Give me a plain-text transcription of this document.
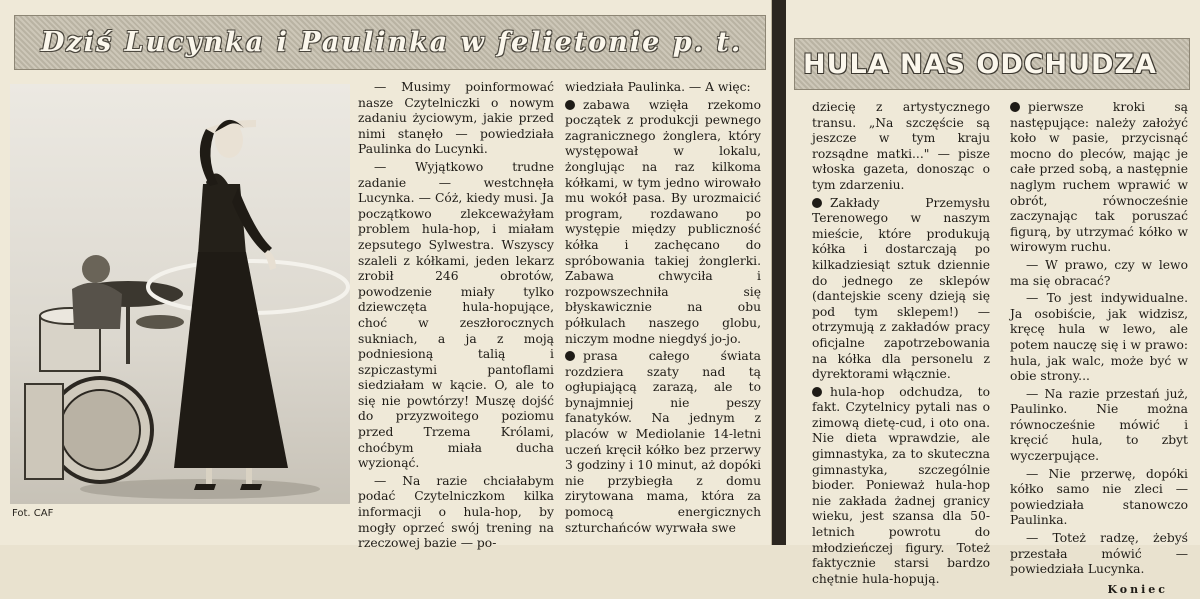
Dziś Lucynka i Paulinka w felietonie p. t.
Fot. CAF

— Musimy poinformować nasze Czytelniczki o nowym zadaniu życiowym, jakie przed nimi stanęło — powiedziała Paulinka do Lucynki.

— Wyjątkowo trudne zadanie — westchnęła Lucynka. — Cóż, kiedy musi. Ja początkowo zlekceważyłam problem hula-hop, i miałam zepsutego Sylwestra. Wszyscy szaleli z kółkami, jeden lekarz zrobił 246 obrotów, powodzenie miały tylko dziewczęta hula-hopujące, choć w zeszłorocznych sukniach, a ja z moją podniesioną talią i szpiczastymi pantoflami siedziałam w kącie. O, ale to się nie powtórzy! Muszę dojść do przyzwoitego poziomu przed Trzema Królami, choćbym miała ducha wyzionąć.

— Na razie chciałabym podać Czytelniczkom kilka informacji o hula-hop, by mogły oprzeć swój trening na rzeczowej bazie — po-

wiedziała Paulinka. — A więc:

zabawa wzięła rzekomo początek z produkcji pewnego zagranicznego żonglera, który występował w lokalu, żonglując na raz kilkoma kółkami, w tym jedno wirowało mu wokół pasa. By urozmaicić program, rozdawano po występie między publiczność kółka i zachęcano do spróbowania takiej żonglerki. Zabawa chwyciła i rozpowszechniła się błyskawicznie na obu półkulach naszego globu, niczym modne niegdyś jo-jo.

prasa całego świata rozdziera szaty nad tą ogłupiającą zarazą, ale to bynajmniej nie peszy fanatyków. Na jednym z placów w Mediolanie 14-letni uczeń kręcił kółko bez przerwy 3 godziny i 10 minut, aż dopóki nie przybiegła z domu zirytowana mama, która za pomocą energicznych szturchańców wyrwała swe

HULA NAS ODCHUDZA

dziecię z artystycznego transu. „Na szczęście są jeszcze w tym kraju rozsądne matki..." — pisze włoska gazeta, donosząc o tym zdarzeniu.

Zakłady Przemysłu Terenowego w naszym mieście, które produkują kółka i dostarczają po kilkadziesiąt sztuk dziennie do jednego ze sklepów (dantejskie sceny dzieją się pod tym sklepem!) — otrzymują z zakładów pracy oficjalne zapotrzebowania na kółka dla personelu z dyrektorami włącznie.

hula-hop odchudza, to fakt. Czytelnicy pytali nas o zimową dietę-cud, i oto ona. Nie dieta wprawdzie, ale gimnastyka, za to skuteczna gimnastyka, szczególnie bioder. Ponieważ hula-hop nie zakłada żadnej granicy wieku, jest szansa dla 50-letnich powrotu do młodzieńczej figury. Toteż faktycznie starsi bardzo chętnie hula-hopują.

pierwsze kroki są następujące: należy założyć koło w pasie, przycisnąć mocno do pleców, mając je całe przed sobą, a następnie naglym ruchem wprawić w obrót, równocześnie zaczynając tak poruszać figurą, by utrzymać kółko w wirowym ruchu.

— W prawo, czy w lewo ma się obracać?

— To jest indywidualne. Ja osobiście, jak widzisz, kręcę hula w lewo, ale potem nauczę się i w prawo: hula, jak walc, może być w obie strony...

— Na razie przestań już, Paulinko. Nie można równocześnie mówić i kręcić hula, to zbyt wyczerpujące.

— Nie przerwę, dopóki kółko samo nie zleci — powiedziała stanowczo Paulinka.

— Toteż radzę, żebyś przestała mówić — powiedziała Lucynka.

Koniec
